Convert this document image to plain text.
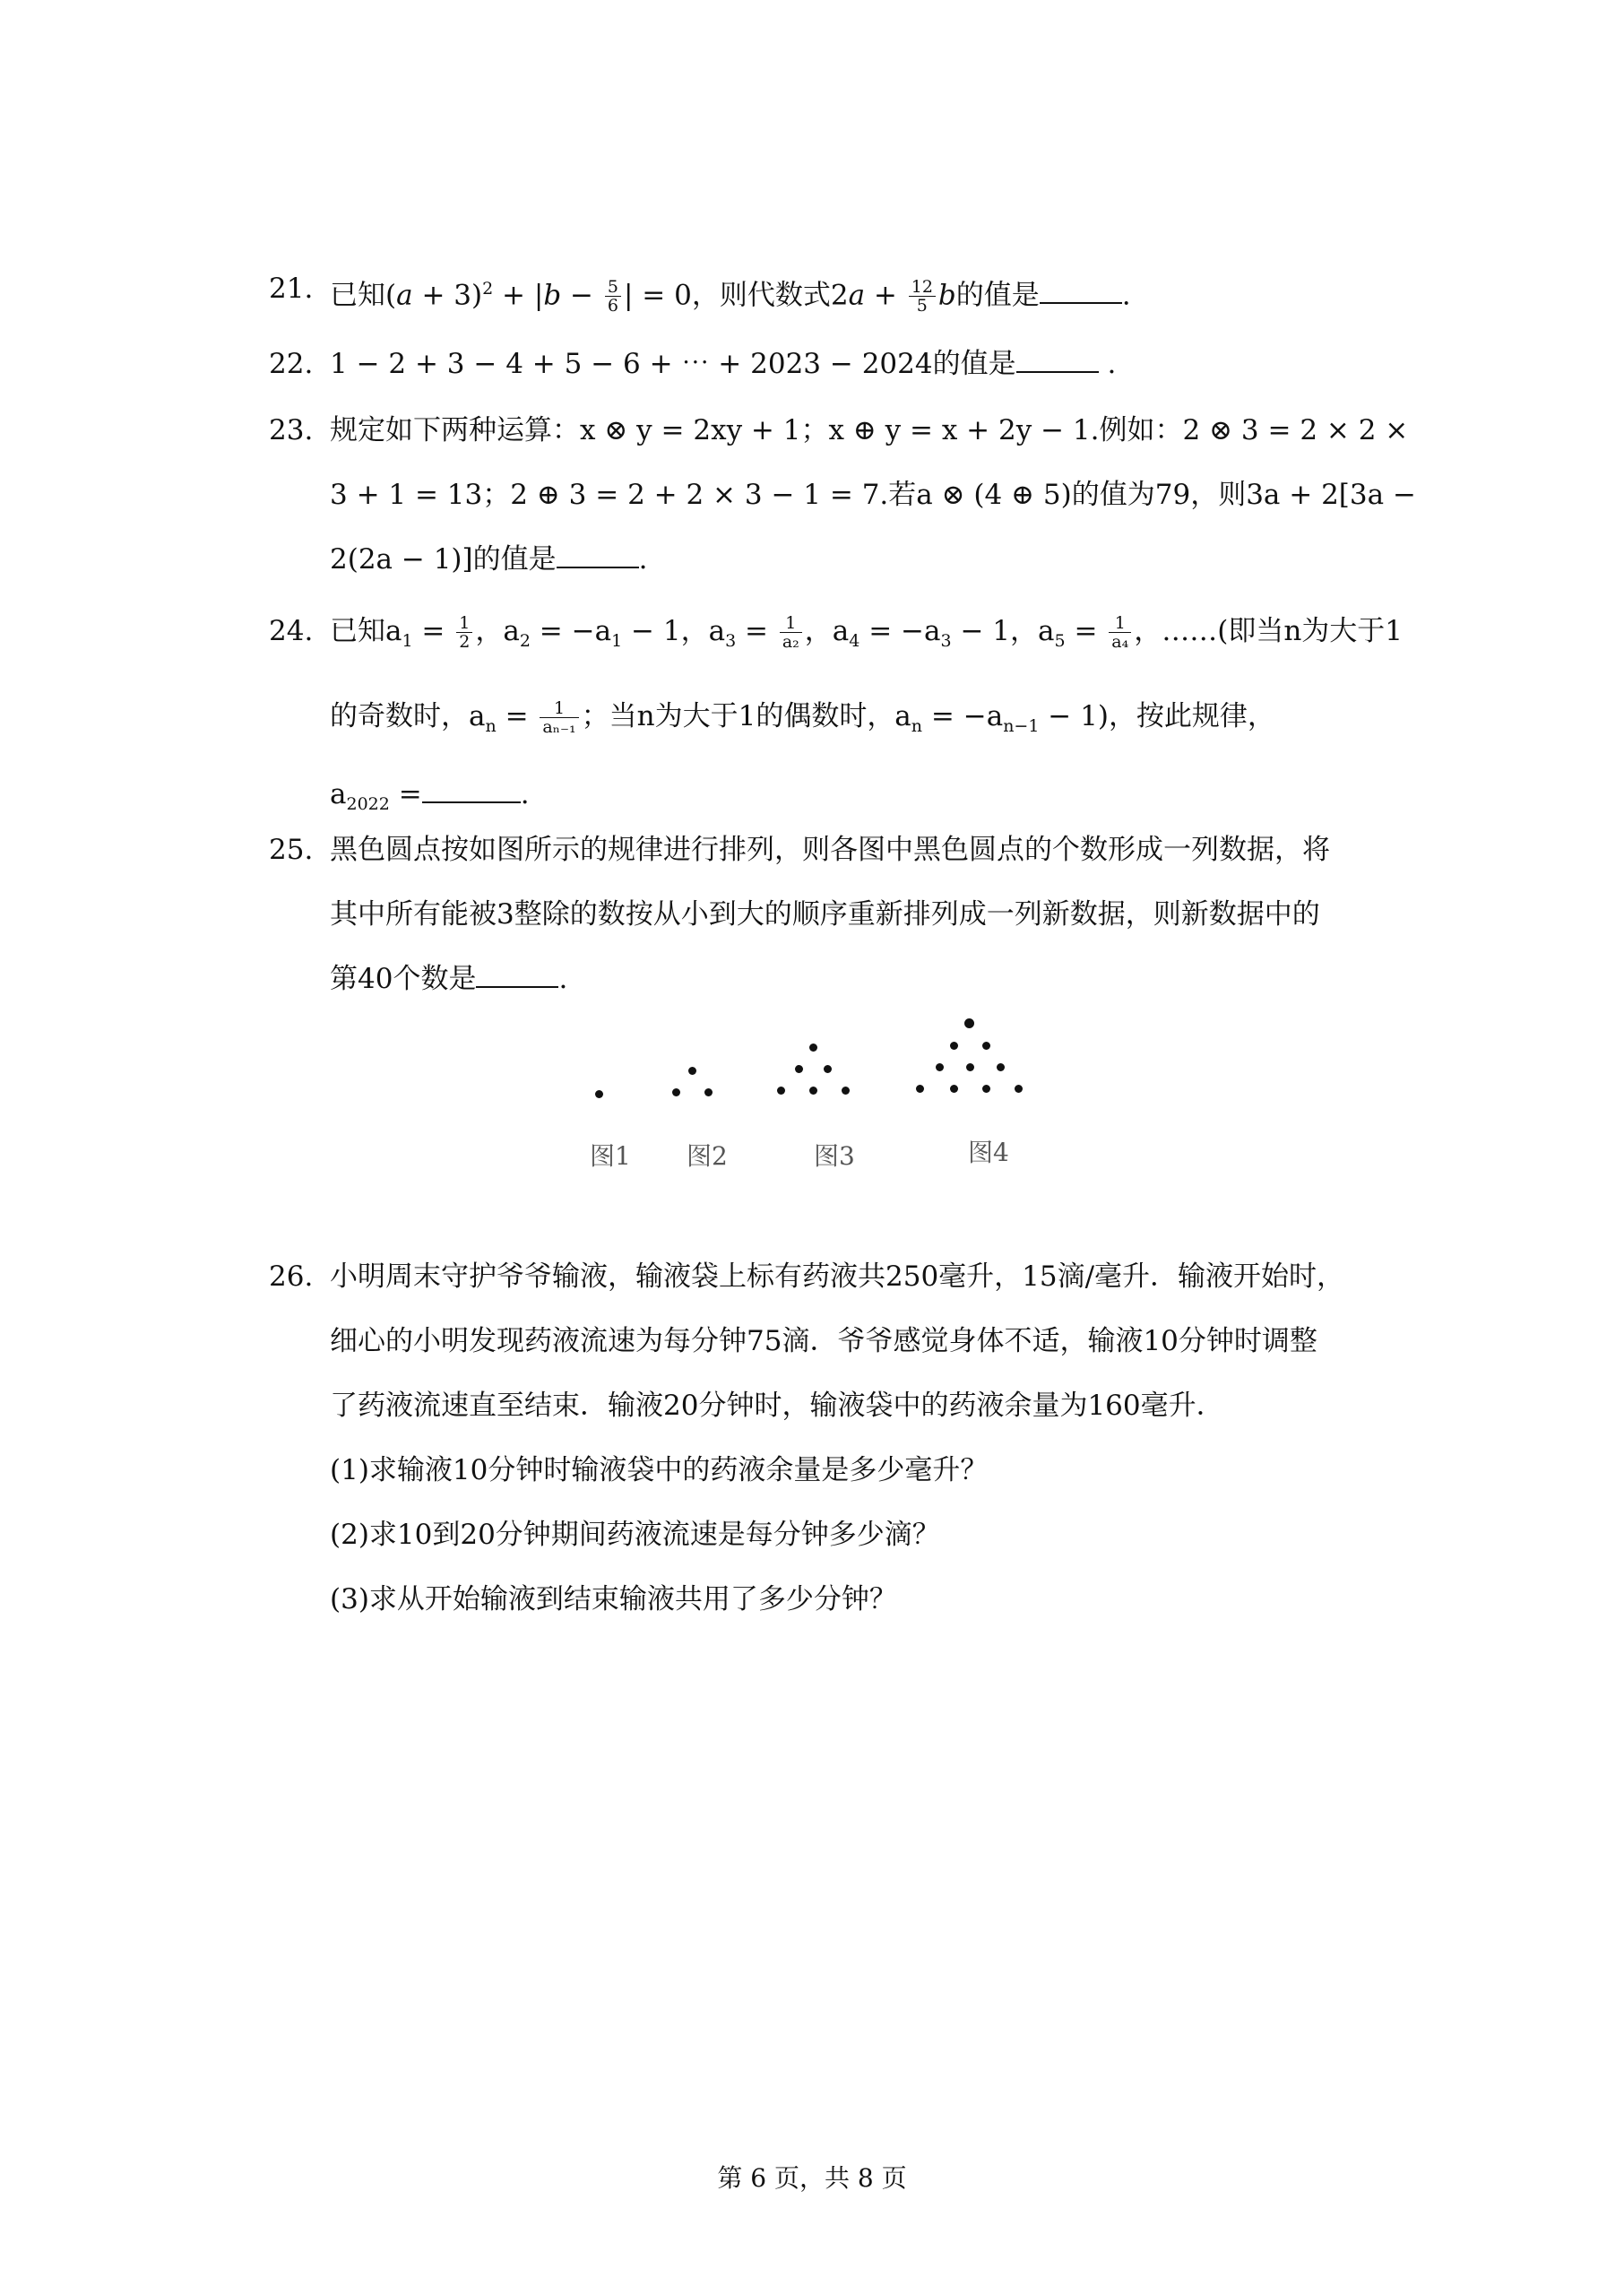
21. 已知$(a + 3)^2 + |b - \frac{5}{6}$ | = 0，则代数式$2a + \frac{12}{5}$ b的值是	.
22. 1 − 2 + 3 − 4 + 5 − 6 + ⋯ + 2023 − 2024的值是	.
23. 规定如下两种运算：x ⊗ y = 2xy + 1；x ⊕ y = x + 2y − 1.例如：2 ⊗ 3 = 2 × 2 ×
3 + 1 = 13；2 ⊕ 3 = 2 + 2 × 3 − 1 = 7.若a ⊗ (4 ⊕ 5)的值为79，则3a + 2[3a −
2(2a − 1)]的值是	.
24. 已知$a_1 = \frac{1}{2}$ ，$a_2 = -a_1 - 1$，$a_3 = \frac{1}{\text{a₂}}$ ，$a_4 = -a_3 - 1$，$a_5 = \frac{1}{\text{a₄}}$ ，……(即当n为大于1
的奇数时，$a_n = \frac{1}{\text{aₙ₋₁}}$ ；当n为大于1的偶数时，$a_n = -a_{n-1} - 1$)，按此规律，
$a_{2022}$ =	.
25. 黑色圆点按如图所示的规律进行排列，则各图中黑色圆点的个数形成一列数据，将
其中所有能被3整除的数按从小到大的顺序重新排列成一列新数据，则新数据中的
第40个数是	.
图1 图2	图3	图4
26. 小明周末守护爷爷输液，输液袋上标有药液共250毫升，15滴/毫升．输液开始时，
细心的小明发现药液流速为每分钟75滴．爷爷感觉身体不适，输液10分钟时调整
了药液流速直至结束．输液20分钟时，输液袋中的药液余量为160毫升．
(1)求输液10分钟时输液袋中的药液余量是多少毫升？
(2)求10到20分钟期间药液流速是每分钟多少滴？
(3)求从开始输液到结束输液共用了多少分钟？
第 6 页，共 8 页
